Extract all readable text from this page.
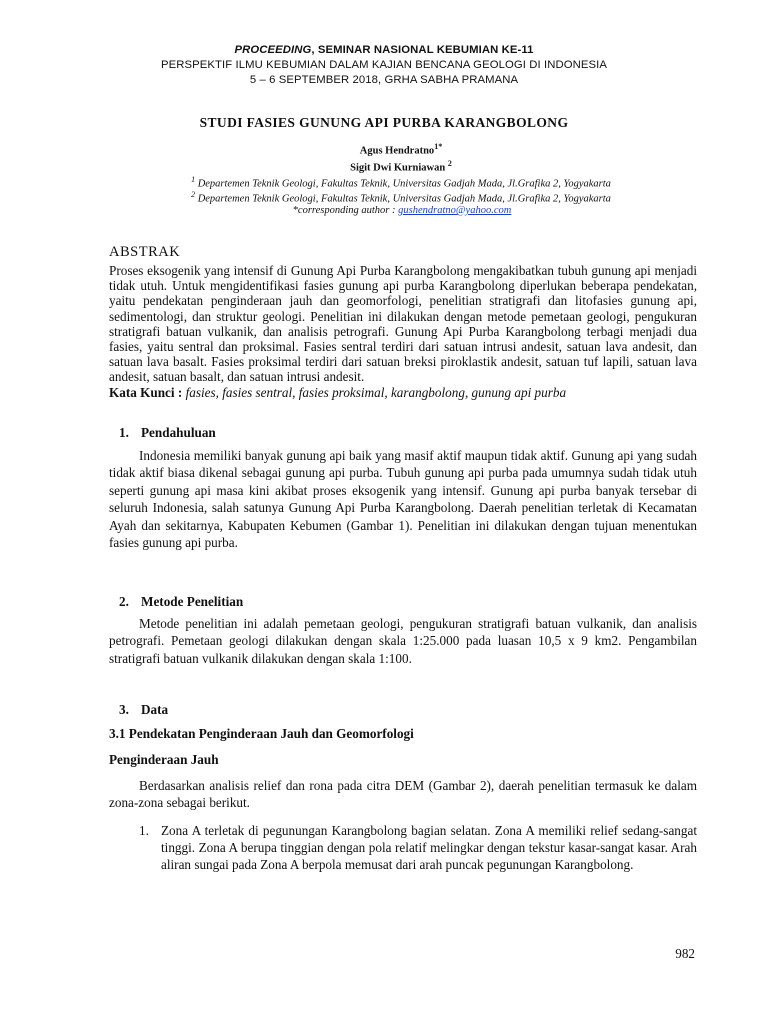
PROCEEDING, SEMINAR NASIONAL KEBUMIAN KE-11
PERSPEKTIF ILMU KEBUMIAN DALAM KAJIAN BENCANA GEOLOGI DI INDONESIA
5 – 6 SEPTEMBER 2018, GRHA SABHA PRAMANA
STUDI FASIES GUNUNG API PURBA KARANGBOLONG
Agus Hendratno$^{1*}$
Sigit Dwi Kurniawan $^2$
$^1$ Departemen Teknik Geologi, Fakultas Teknik, Universitas Gadjah Mada, Jl.Grafika 2, Yogyakarta
$^2$ Departemen Teknik Geologi, Fakultas Teknik, Universitas Gadjah Mada, Jl.Grafika 2, Yogyakarta
*corresponding author : gushendratno@yahoo.com
ABSTRAK
Proses eksogenik yang intensif di Gunung Api Purba Karangbolong mengakibatkan tubuh gunung api menjadi tidak utuh. Untuk mengidentifikasi fasies gunung api purba Karangbolong diperlukan beberapa pendekatan, yaitu pendekatan penginderaan jauh dan geomorfologi, penelitian stratigrafi dan litofasies gunung api, sedimentologi, dan struktur geologi. Penelitian ini dilakukan dengan metode pemetaan geologi, pengukuran stratigrafi batuan vulkanik, dan analisis petrografi. Gunung Api Purba Karangbolong terbagi menjadi dua fasies, yaitu sentral dan proksimal. Fasies sentral terdiri dari satuan intrusi andesit, satuan lava andesit, dan satuan lava basalt. Fasies proksimal terdiri dari satuan breksi piroklastik andesit, satuan tuf lapili, satuan lava andesit, satuan basalt, dan satuan intrusi andesit.
Kata Kunci : fasies, fasies sentral, fasies proksimal, karangbolong, gunung api purba
1. Pendahuluan
Indonesia memiliki banyak gunung api baik yang masif aktif maupun tidak aktif. Gunung api yang sudah tidak aktif biasa dikenal sebagai gunung api purba. Tubuh gunung api purba pada umumnya sudah tidak utuh seperti gunung api masa kini akibat proses eksogenik yang intensif. Gunung api purba banyak tersebar di seluruh Indonesia, salah satunya Gunung Api Purba Karangbolong. Daerah penelitian terletak di Kecamatan Ayah dan sekitarnya, Kabupaten Kebumen (Gambar 1). Penelitian ini dilakukan dengan tujuan menentukan fasies gunung api purba.
2. Metode Penelitian
Metode penelitian ini adalah pemetaan geologi, pengukuran stratigrafi batuan vulkanik, dan analisis petrografi. Pemetaan geologi dilakukan dengan skala 1:25.000 pada luasan 10,5 x 9 km2. Pengambilan stratigrafi batuan vulkanik dilakukan dengan skala 1:100.
3. Data
3.1 Pendekatan Penginderaan Jauh dan Geomorfologi
Penginderaan Jauh
Berdasarkan analisis relief dan rona pada citra DEM (Gambar 2), daerah penelitian termasuk ke dalam zona-zona sebagai berikut.
1. Zona A terletak di pegunungan Karangbolong bagian selatan. Zona A memiliki relief sedang-sangat tinggi. Zona A berupa tinggian dengan pola relatif melingkar dengan tekstur kasar-sangat kasar. Arah aliran sungai pada Zona A berpola memusat dari arah puncak pegunungan Karangbolong.
982
